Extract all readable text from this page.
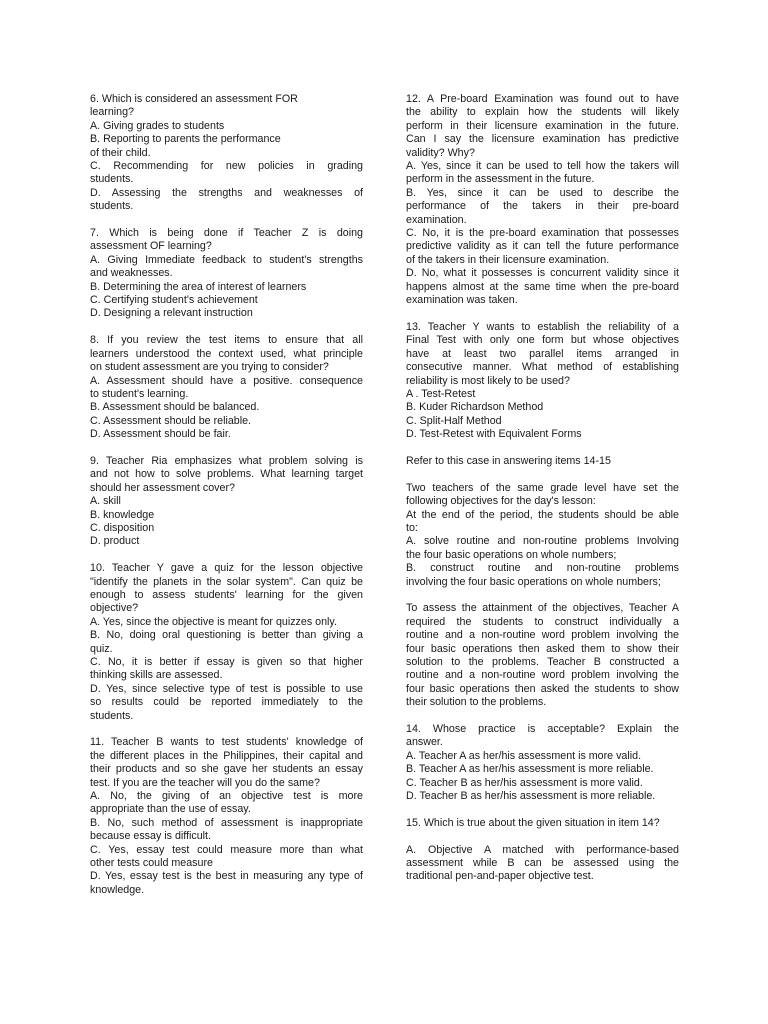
6. Which is considered an assessment FOR
learning?
A. Giving grades to students
B. Reporting to parents the performance
of their child.
C. Recommending for new policies in grading
students.
D. Assessing the strengths and weaknesses of
students.
7. Which is being done if Teacher Z is doing
assessment OF learning?
A. Giving Immediate feedback to student's strengths
and weaknesses.
B. Determining the area of interest of learners
C. Certifying student's achievement
D. Designing a relevant instruction
8. If you review the test items to ensure that all
learners understood the context used, what principle
on student assessment are you trying to consider?
A. Assessment should have a positive. consequence
to student's learning.
B. Assessment should be balanced.
C. Assessment should be reliable.
D. Assessment should be fair.
9. Teacher Ria emphasizes what problem solving is
and not how to solve problems. What learning target
should her assessment cover?
A. skill
B. knowledge
C. disposition
D. product
10. Teacher Y gave a quiz for the lesson objective
"identify the planets in the solar system". Can quiz be
enough to assess students' learning for the given
objective?
A. Yes, since the objective is meant for quizzes only.
B. No, doing oral questioning is better than giving a
quiz.
C. No, it is better if essay is given so that higher
thinking skills are assessed.
D. Yes, since selective type of test is possible to use
so results could be reported immediately to the
students.
11. Teacher B wants to test students' knowledge of
the different places in the Philippines, their capital and
their products and so she gave her students an essay
test. If you are the teacher will you do the same?
A. No, the giving of an objective test is more
appropriate than the use of essay.
B. No, such method of assessment is inappropriate
because essay is difficult.
C. Yes, essay test could measure more than what
other tests could measure
D. Yes, essay test is the best in measuring any type of
knowledge.
12. A Pre-board Examination was found out to have
the ability to explain how the students will likely
perform in their licensure examination in the future.
Can I say the licensure examination has predictive
validity? Why?
A. Yes, since it can be used to tell how the takers will
perform in the assessment in the future.
B. Yes, since it can be used to describe the
performance of the takers in their pre-board
examination.
C. No, it is the pre-board examination that possesses
predictive validity as it can tell the future performance
of the takers in their licensure examination.
D. No, what it possesses is concurrent validity since it
happens almost at the same time when the pre-board
examination was taken.
13. Teacher Y wants to establish the reliability of a
Final Test with only one form but whose objectives
have at least two parallel items arranged in
consecutive manner. What method of establishing
reliability is most likely to be used?
A . Test-Retest
B. Kuder Richardson Method
C. Split-Half Method
D. Test-Retest with Equivalent Forms
Refer to this case in answering items 14-15
Two teachers of the same grade level have set the
following objectives for the day's lesson:
At the end of the period, the students should be able
to:
A. solve routine and non-routine problems Involving
the four basic operations on whole numbers;
B. construct routine and non-routine problems
involving the four basic operations on whole numbers;
To assess the attainment of the objectives, Teacher A
required the students to construct individually a
routine and a non-routine word problem involving the
four basic operations then asked them to show their
solution to the problems. Teacher B constructed a
routine and a non-routine word problem involving the
four basic operations then asked the students to show
their solution to the problems.
14. Whose practice is acceptable? Explain the
answer.
A. Teacher A as her/his assessment is more valid.
B. Teacher A as her/his assessment is more reliable.
C. Teacher B as her/his assessment is more valid.
D. Teacher B as her/his assessment is more reliable.
15. Which is true about the given situation in item 14?
A. Objective A matched with performance-based
assessment while B can be assessed using the
traditional pen-and-paper objective test.
